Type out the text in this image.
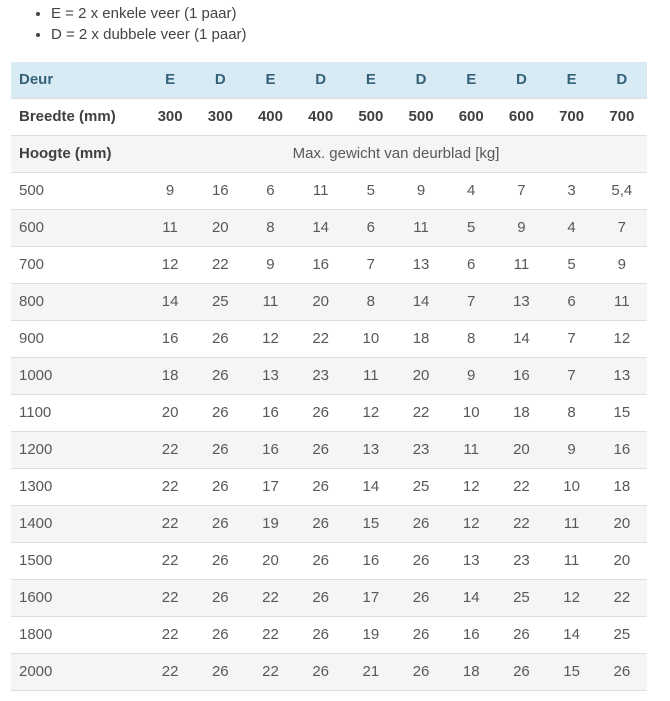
• E = 2 x enkele veer (1 paar)
• D = 2 x dubbele veer (1 paar)
Deur	E	D	E	D	E	D	E	D	E	D
Breedte (mm)	300	300	400	400	500	500	600	600	700	700
Hoogte (mm)	Max. gewicht van deurblad [kg]									
500	9	16	6	11	5	9	4	7	3	5,4
600	11	20	8	14	6	11	5	9	4	7
700	12	22	9	16	7	13	6	11	5	9
800	14	25	11	20	8	14	7	13	6	11
900	16	26	12	22	10	18	8	14	7	12
1000	18	26	13	23	11	20	9	16	7	13
1100	20	26	16	26	12	22	10	18	8	15
1200	22	26	16	26	13	23	11	20	9	16
1300	22	26	17	26	14	25	12	22	10	18
1400	22	26	19	26	15	26	12	22	11	20
1500	22	26	20	26	16	26	13	23	11	20
1600	22	26	22	26	17	26	14	25	12	22
1800	22	26	22	26	19	26	16	26	14	25
2000	22	26	22	26	21	26	18	26	15	26
